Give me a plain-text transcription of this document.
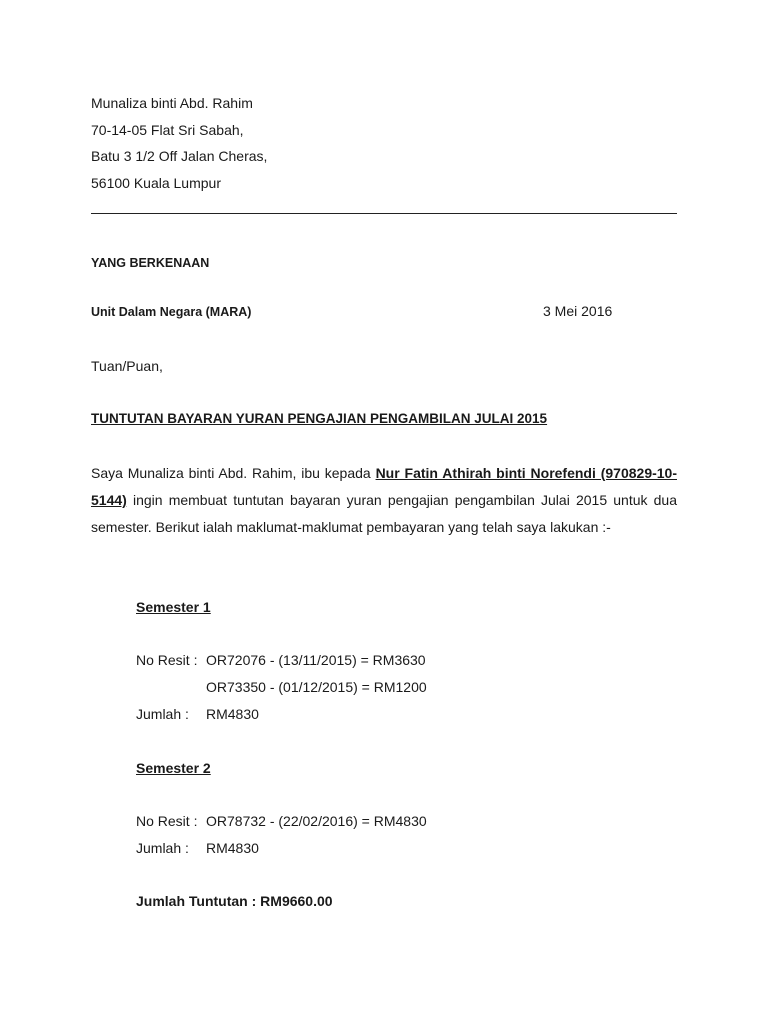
Munaliza binti Abd. Rahim
70-14-05 Flat Sri Sabah,
Batu 3 1/2 Off Jalan Cheras,
56100 Kuala Lumpur
YANG BERKENAAN
Unit Dalam Negara (MARA)	3 Mei 2016
Tuan/Puan,
TUNTUTAN BAYARAN YURAN PENGAJIAN PENGAMBILAN JULAI 2015
Saya Munaliza binti Abd. Rahim, ibu kepada Nur Fatin Athirah binti Norefendi (970829-10-5144) ingin membuat tuntutan bayaran yuran pengajian pengambilan Julai 2015 untuk dua semester. Berikut ialah maklumat-maklumat pembayaran yang telah saya lakukan :-
Semester 1
No Resit : OR72076 - (13/11/2015) = RM3630
OR73350 - (01/12/2015) = RM1200
Jumlah : RM4830
Semester 2
No Resit : OR78732 - (22/02/2016) = RM4830
Jumlah : RM4830
Jumlah Tuntutan : RM9660.00
